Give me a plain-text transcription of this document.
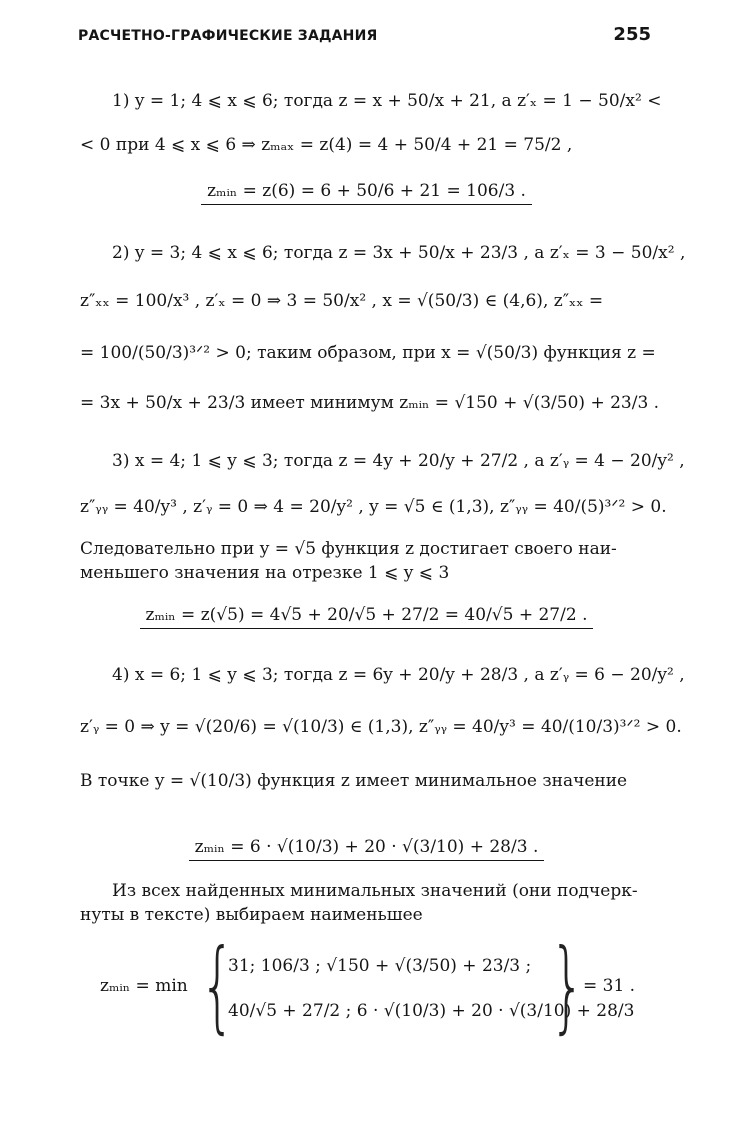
РАСЧЕТНО-ГРАФИЧЕСКИЕ ЗАДАНИЯ	255
1) y = 1; 4 ⩽ x ⩽ 6; тогда z = x + 50/x + 21, а z′ₓ = 1 − 50/x² <
< 0 при 4 ⩽ x ⩽ 6 ⇒ zₘₐₓ = z(4) = 4 + 50/4 + 21 = 75/2 ,
zₘᵢₙ = z(6) = 6 + 50/6 + 21 = 106/3 .
2) y = 3; 4 ⩽ x ⩽ 6; тогда z = 3x + 50/x + 23/3 , а z′ₓ = 3 − 50/x² ,
z″ₓₓ = 100/x³ , z′ₓ = 0 ⇒ 3 = 50/x² , x = √(50/3) ∈ (4,6), z″ₓₓ =
= 100/(50/3)³ᐟ² > 0; таким образом, при x = √(50/3) функция z =
= 3x + 50/x + 23/3 имеет минимум zₘᵢₙ = √150 + √(3/50) + 23/3 .
3) x = 4; 1 ⩽ y ⩽ 3; тогда z = 4y + 20/y + 27/2 , а z′ᵧ = 4 − 20/y² ,
z″ᵧᵧ = 40/y³ , z′ᵧ = 0 ⇒ 4 = 20/y² , y = √5 ∈ (1,3), z″ᵧᵧ = 40/(5)³ᐟ² > 0.
Следовательно при y = √5 функция z достигает своего наи-
меньшего значения на отрезке 1 ⩽ y ⩽ 3
zₘᵢₙ = z(√5) = 4√5 + 20/√5 + 27/2 = 40/√5 + 27/2 .
4) x = 6; 1 ⩽ y ⩽ 3; тогда z = 6y + 20/y + 28/3 , а z′ᵧ = 6 − 20/y² ,
z′ᵧ = 0 ⇒ y = √(20/6) = √(10/3) ∈ (1,3), z″ᵧᵧ = 40/y³ = 40/(10/3)³ᐟ² > 0.
В точке y = √(10/3) функция z имеет минимальное значение
zₘᵢₙ = 6 · √(10/3) + 20 · √(3/10) + 28/3 .
Из всех найденных минимальных значений (они подчерк-
нуты в тексте) выбираем наименьшее
zₘᵢₙ = min {
31; 106/3 ; √150 + √(3/50) + 23/3 ;
40/√5 + 27/2 ; 6 · √(10/3) + 20 · √(3/10) + 28/3
}
= 31 .
